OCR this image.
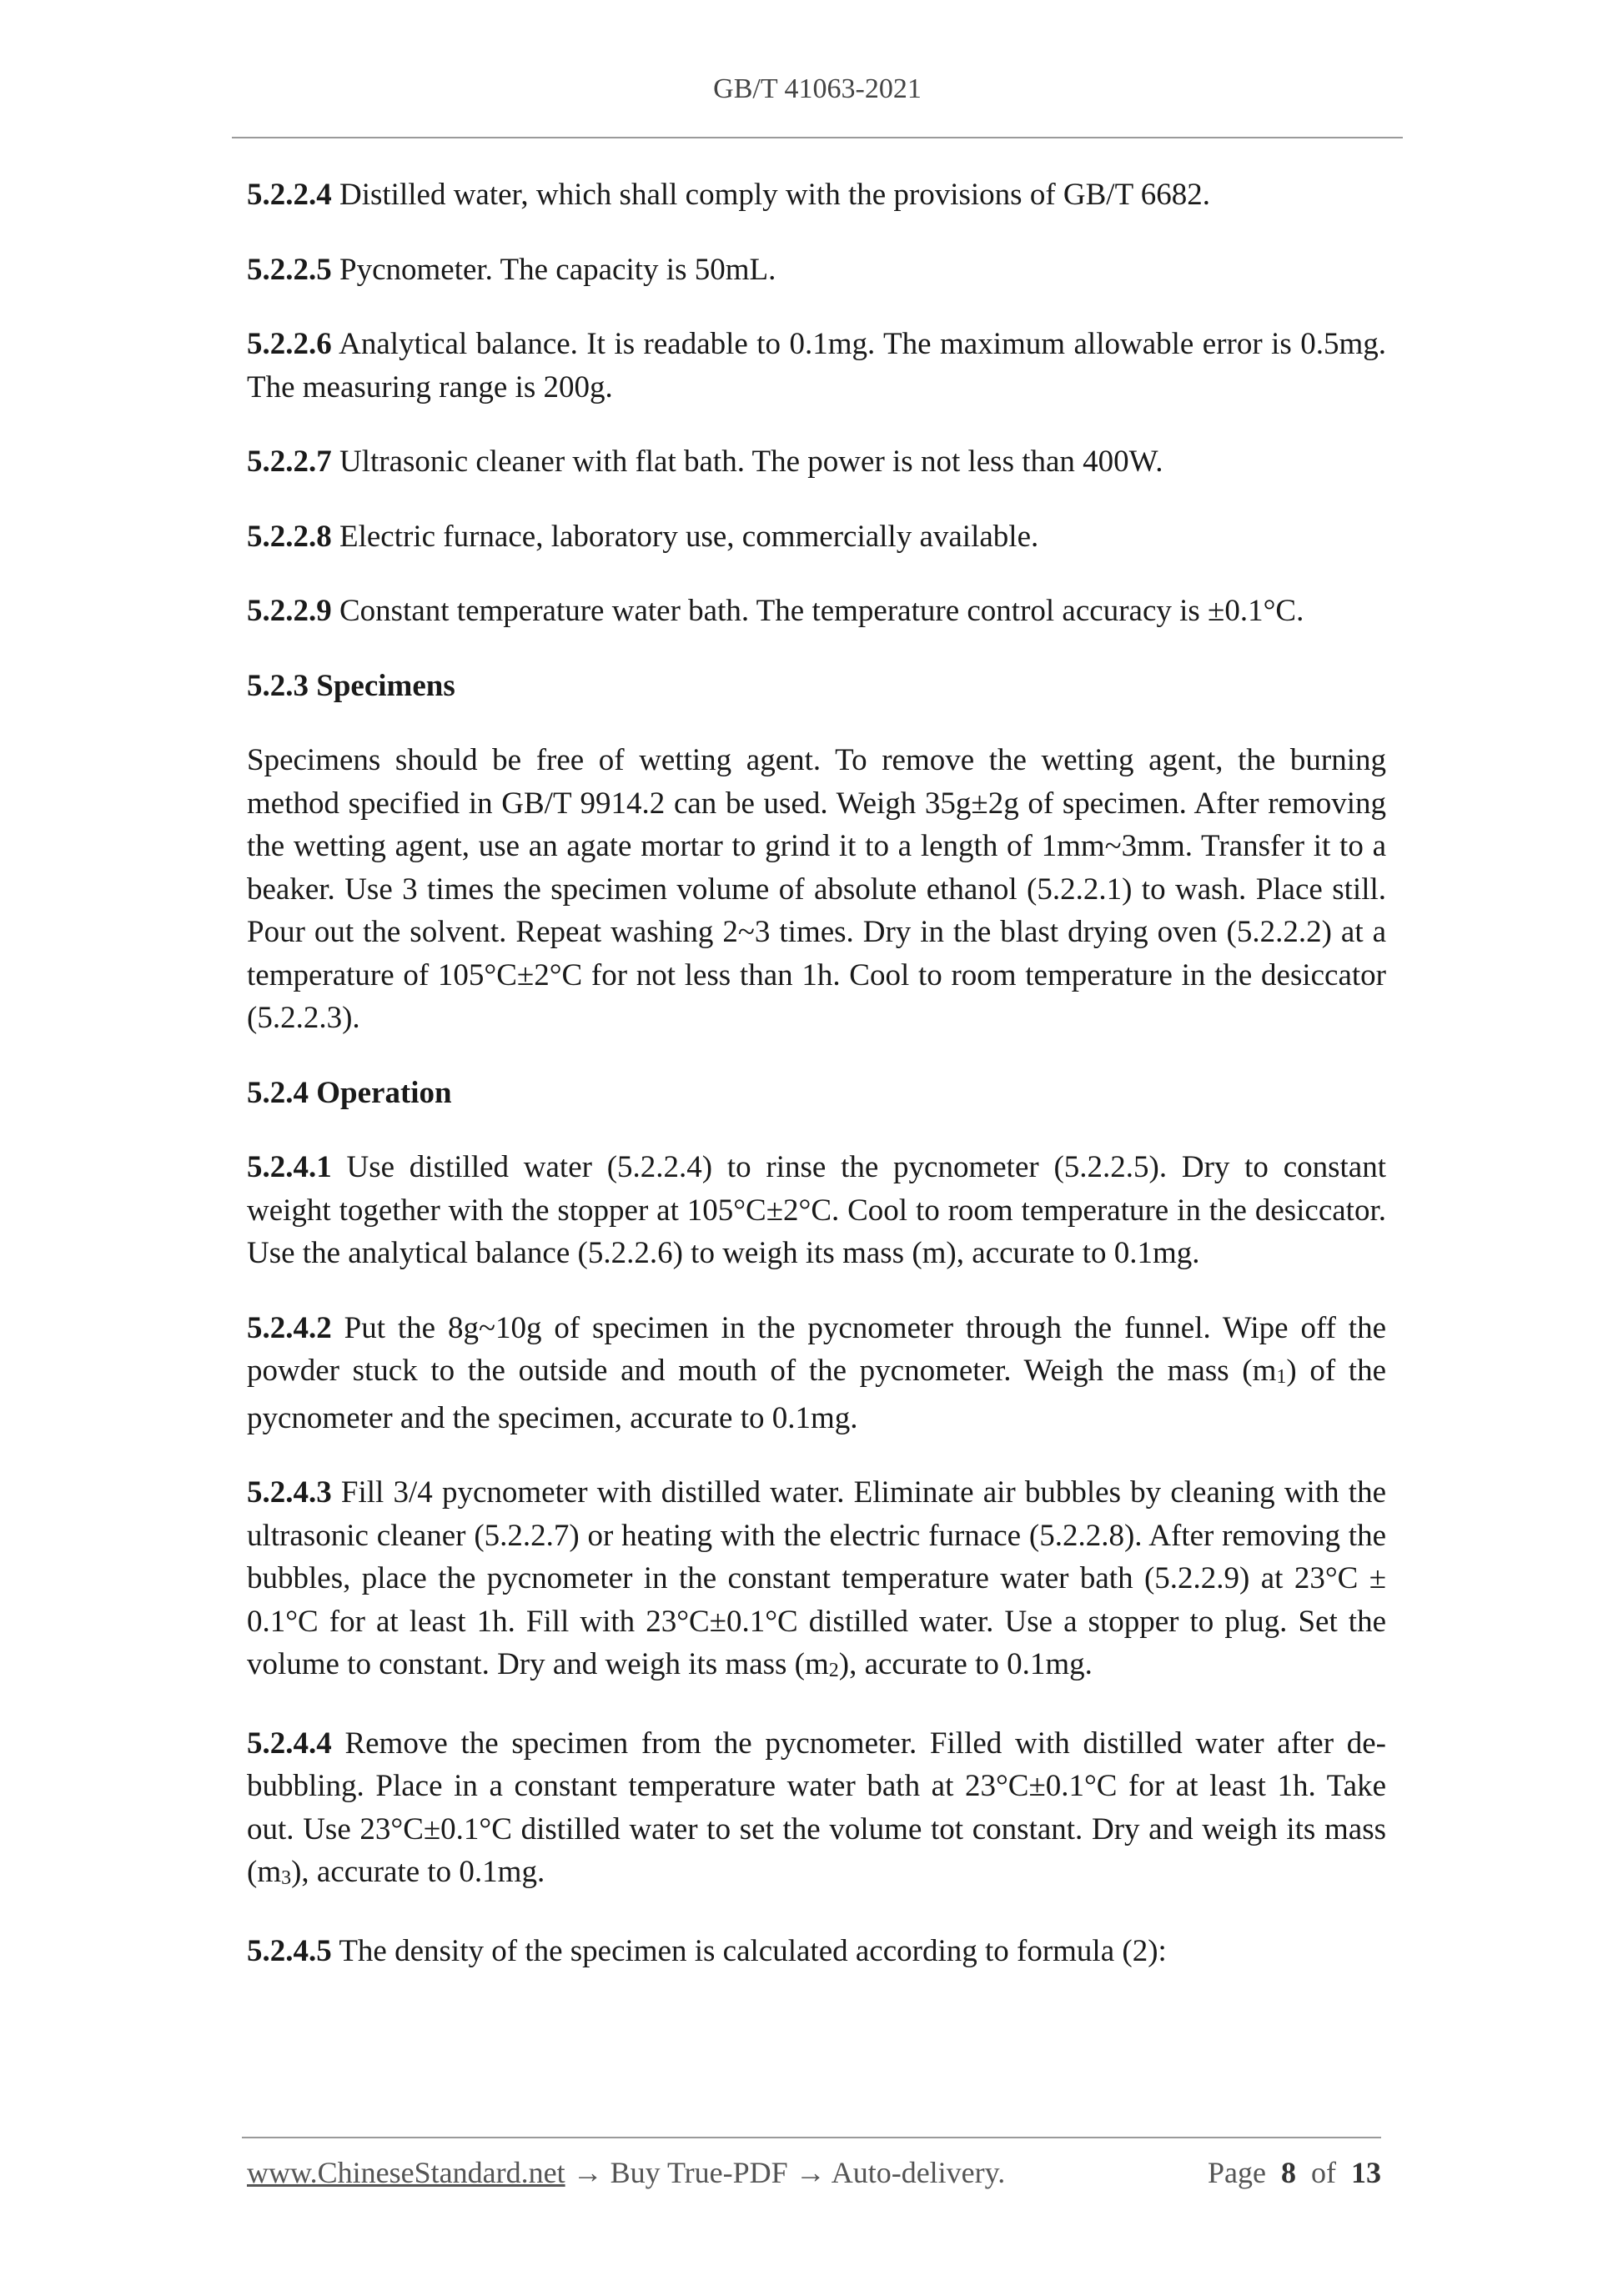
GB/T 41063-2021

5.2.2.4 Distilled water, which shall comply with the provisions of GB/T 6682.

5.2.2.5 Pycnometer. The capacity is 50mL.

5.2.2.6 Analytical balance. It is readable to 0.1mg. The maximum allowable error is 0.5mg. The measuring range is 200g.

5.2.2.7 Ultrasonic cleaner with flat bath. The power is not less than 400W.

5.2.2.8 Electric furnace, laboratory use, commercially available.

5.2.2.9 Constant temperature water bath. The temperature control accuracy is ±0.1°C.

5.2.3 Specimens

Specimens should be free of wetting agent. To remove the wetting agent, the burning method specified in GB/T 9914.2 can be used. Weigh 35g±2g of specimen. After removing the wetting agent, use an agate mortar to grind it to a length of 1mm~3mm. Transfer it to a beaker. Use 3 times the specimen volume of absolute ethanol (5.2.2.1) to wash. Place still. Pour out the solvent. Repeat washing 2~3 times. Dry in the blast drying oven (5.2.2.2) at a temperature of 105°C±2°C for not less than 1h. Cool to room temperature in the desiccator (5.2.2.3).

5.2.4 Operation

5.2.4.1 Use distilled water (5.2.2.4) to rinse the pycnometer (5.2.2.5). Dry to constant weight together with the stopper at 105°C±2°C. Cool to room temperature in the desiccator. Use the analytical balance (5.2.2.6) to weigh its mass (m), accurate to 0.1mg.

5.2.4.2 Put the 8g~10g of specimen in the pycnometer through the funnel. Wipe off the powder stuck to the outside and mouth of the pycnometer. Weigh the mass $(m_1)$ of the pycnometer and the specimen, accurate to 0.1mg.

5.2.4.3 Fill 3/4 pycnometer with distilled water. Eliminate air bubbles by cleaning with the ultrasonic cleaner (5.2.2.7) or heating with the electric furnace (5.2.2.8). After removing the bubbles, place the pycnometer in the constant temperature water bath (5.2.2.9) at 23°C ± 0.1°C for at least 1h. Fill with 23°C±0.1°C distilled water. Use a stopper to plug. Set the volume to constant. Dry and weigh its mass $(m_2)$, accurate to 0.1mg.

5.2.4.4 Remove the specimen from the pycnometer. Filled with distilled water after de-bubbling. Place in a constant temperature water bath at 23°C±0.1°C for at least 1h. Take out. Use 23°C±0.1°C distilled water to set the volume tot constant. Dry and weigh its mass $(m_3)$, accurate to 0.1mg.

5.2.4.5 The density of the specimen is calculated according to formula (2):

www.ChineseStandard.net → Buy True-PDF → Auto-delivery.	Page 8 of 13
